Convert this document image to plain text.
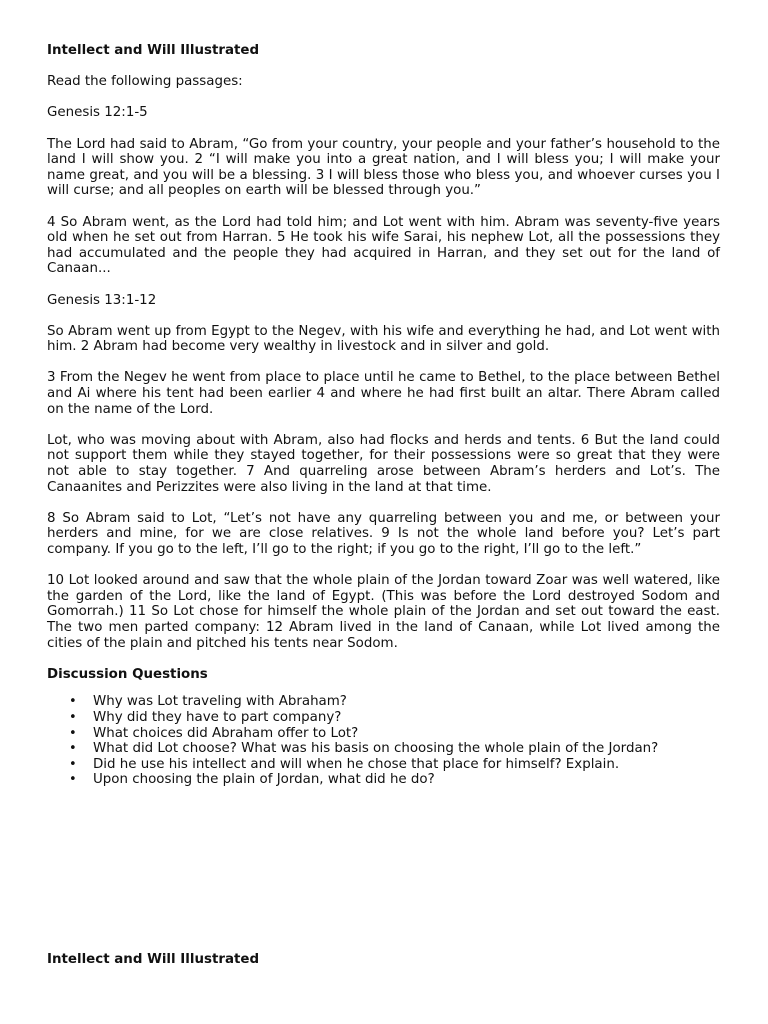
Intellect and Will Illustrated

Read the following passages:

Genesis 12:1-5

The Lord had said to Abram, “Go from your country, your people and your father’s household to the land I will show you. 2 “I will make you into a great nation, and I will bless you; I will make your name great, and you will be a blessing. 3 I will bless those who bless you, and whoever curses you I will curse; and all peoples on earth will be blessed through you.”

4 So Abram went, as the Lord had told him; and Lot went with him. Abram was seventy-five years old when he set out from Harran. 5 He took his wife Sarai, his nephew Lot, all the possessions they had accumulated and the people they had acquired in Harran, and they set out for the land of Canaan...

Genesis 13:1-12

So Abram went up from Egypt to the Negev, with his wife and everything he had, and Lot went with him. 2 Abram had become very wealthy in livestock and in silver and gold.

3 From the Negev he went from place to place until he came to Bethel, to the place between Bethel and Ai where his tent had been earlier 4 and where he had first built an altar. There Abram called on the name of the Lord.

Lot, who was moving about with Abram, also had flocks and herds and tents. 6 But the land could not support them while they stayed together, for their possessions were so great that they were not able to stay together. 7 And quarreling arose between Abram’s herders and Lot’s. The Canaanites and Perizzites were also living in the land at that time.

8 So Abram said to Lot, “Let’s not have any quarreling between you and me, or between your herders and mine, for we are close relatives. 9 Is not the whole land before you? Let’s part company. If you go to the left, I’ll go to the right; if you go to the right, I’ll go to the left.”

10 Lot looked around and saw that the whole plain of the Jordan toward Zoar was well watered, like the garden of the Lord, like the land of Egypt. (This was before the Lord destroyed Sodom and Gomorrah.) 11 So Lot chose for himself the whole plain of the Jordan and set out toward the east. The two men parted company: 12 Abram lived in the land of Canaan, while Lot lived among the cities of the plain and pitched his tents near Sodom.

Discussion Questions

• Why was Lot traveling with Abraham?
• Why did they have to part company?
• What choices did Abraham offer to Lot?
• What did Lot choose? What was his basis on choosing the whole plain of the Jordan?
• Did he use his intellect and will when he chose that place for himself? Explain.
• Upon choosing the plain of Jordan, what did he do?

Intellect and Will Illustrated
